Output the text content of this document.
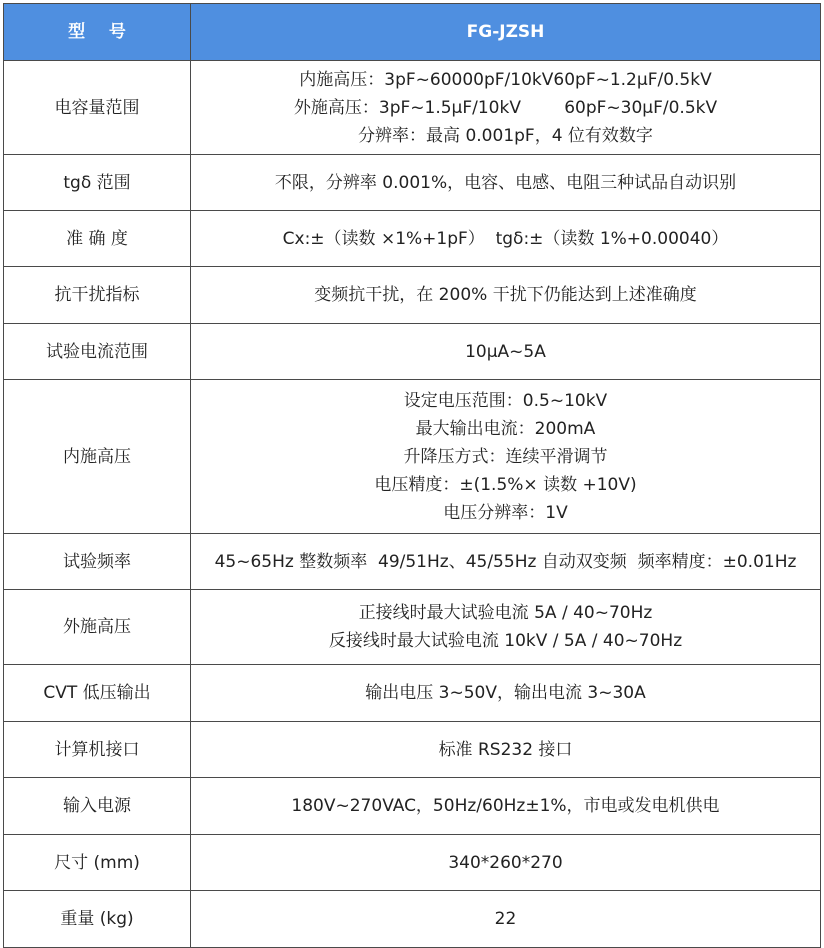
型    号	FG-JZSH
电容量范围	内施高压：3pF~60000pF/10kV60pF~1.2μF/0.5kV
外施高压：3pF~1.5μF/10kV        60pF~30μF/0.5kV
分辨率：最高 0.001pF，4 位有效数字

tgδ 范围	不限，分辨率 0.001%，电容、电感、电阻三种试品自动识别

准 确 度	Cx:±（读数 ×1%+1pF）  tgδ:±（读数 1%+0.00040）

抗干扰指标	变频抗干扰，在 200% 干扰下仍能达到上述准确度

试验电流范围	10μA~5A

内施高压	设定电压范围：0.5~10kV
最大输出电流：200mA
升降压方式：连续平滑调节
电压精度：±(1.5%× 读数 +10V)
电压分辨率：1V

试验频率	45~65Hz 整数频率  49/51Hz、45/55Hz 自动双变频  频率精度：±0.01Hz

外施高压	正接线时最大试验电流 5A / 40~70Hz
反接线时最大试验电流 10kV / 5A / 40~70Hz

CVT 低压输出	输出电压 3~50V，输出电流 3~30A

计算机接口	标准 RS232 接口

输入电源	180V~270VAC，50Hz/60Hz±1%，市电或发电机供电

尺寸 (mm)	340*260*270

重量 (kg)	22
